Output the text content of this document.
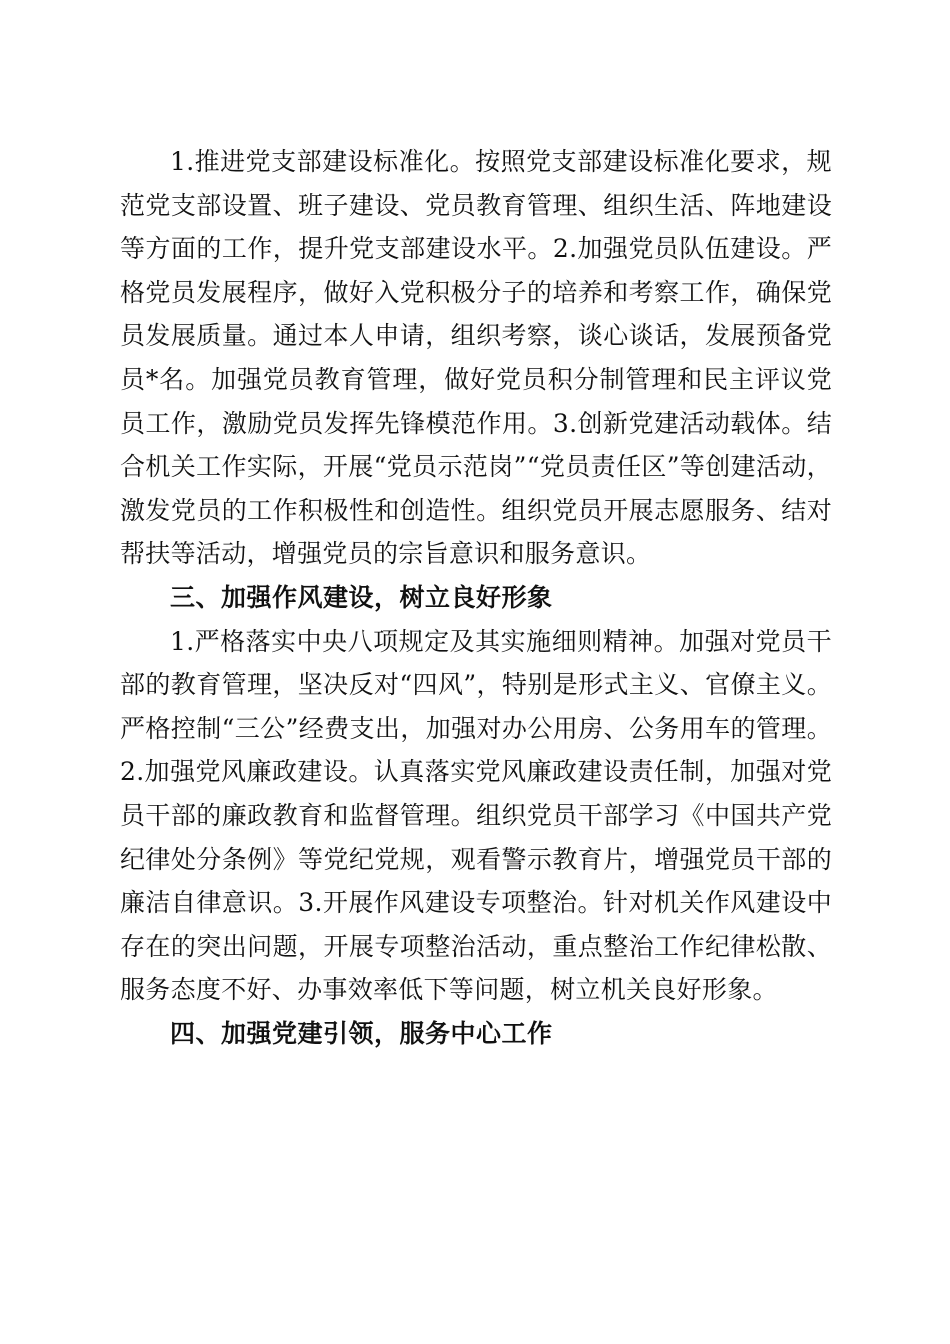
1.推进党支部建设标准化。按照党支部建设标准化要求，规范党支部设置、班子建设、党员教育管理、组织生活、阵地建设等方面的工作，提升党支部建设水平。2.加强党员队伍建设。严格党员发展程序，做好入党积极分子的培养和考察工作，确保党员发展质量。通过本人申请，组织考察，谈心谈话，发展预备党员*名。加强党员教育管理，做好党员积分制管理和民主评议党员工作，激励党员发挥先锋模范作用。3.创新党建活动载体。结合机关工作实际，开展“党员示范岗”“党员责任区”等创建活动，激发党员的工作积极性和创造性。组织党员开展志愿服务、结对帮扶等活动，增强党员的宗旨意识和服务意识。

三、加强作风建设，树立良好形象

1.严格落实中央八项规定及其实施细则精神。加强对党员干部的教育管理，坚决反对“四风”，特别是形式主义、官僚主义。严格控制“三公”经费支出，加强对办公用房、公务用车的管理。2.加强党风廉政建设。认真落实党风廉政建设责任制，加强对党员干部的廉政教育和监督管理。组织党员干部学习《中国共产党纪律处分条例》等党纪党规，观看警示教育片，增强党员干部的廉洁自律意识。3.开展作风建设专项整治。针对机关作风建设中存在的突出问题，开展专项整治活动，重点整治工作纪律松散、服务态度不好、办事效率低下等问题，树立机关良好形象。

四、加强党建引领，服务中心工作
